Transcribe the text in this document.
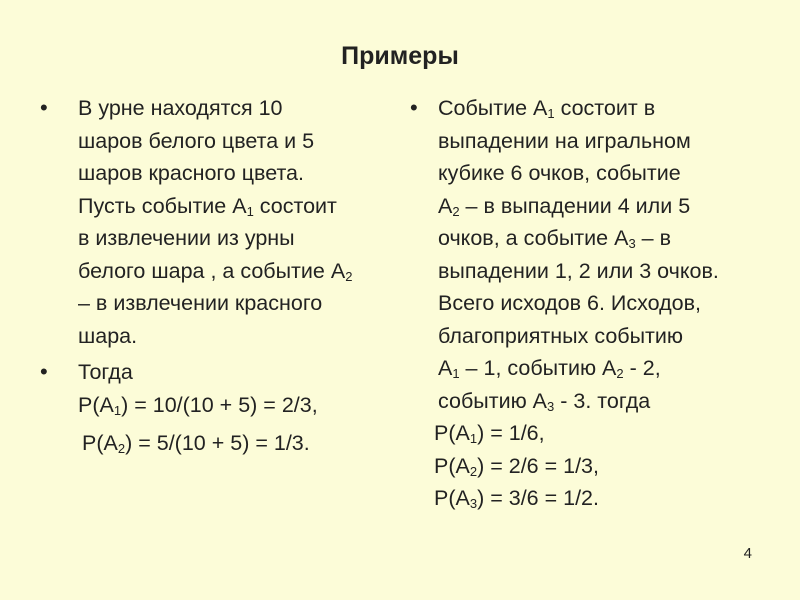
Примеры
• В урне находятся 10
шаров белого цвета и 5
шаров красного цвета.
Пусть событие $А_1$ состоит
в извлечении из урны
белого шара , а событие $А_2$
– в извлечении красного
шара.
• Тогда
$Р(А_1) = 10/(10 + 5) = 2/3$,
$Р(А_2) = 5/(10 + 5) = 1/3$.
• Событие $А_1$ состоит в
выпадении на игральном
кубике 6 очков, событие
$А_2$ – в выпадении 4 или 5
очков, а событие $А_3$ – в
выпадении 1, 2 или 3 очков.
Всего исходов 6. Исходов,
благоприятных событию
$А_1 - 1$, событию $А_2 - 2$,
событию $А_3 - 3$. тогда
$Р(А_1) = 1/6$,
$Р(А_2) = 2/6 = 1/3$,
$Р(А_3) = 3/6 = 1/2$.
4
